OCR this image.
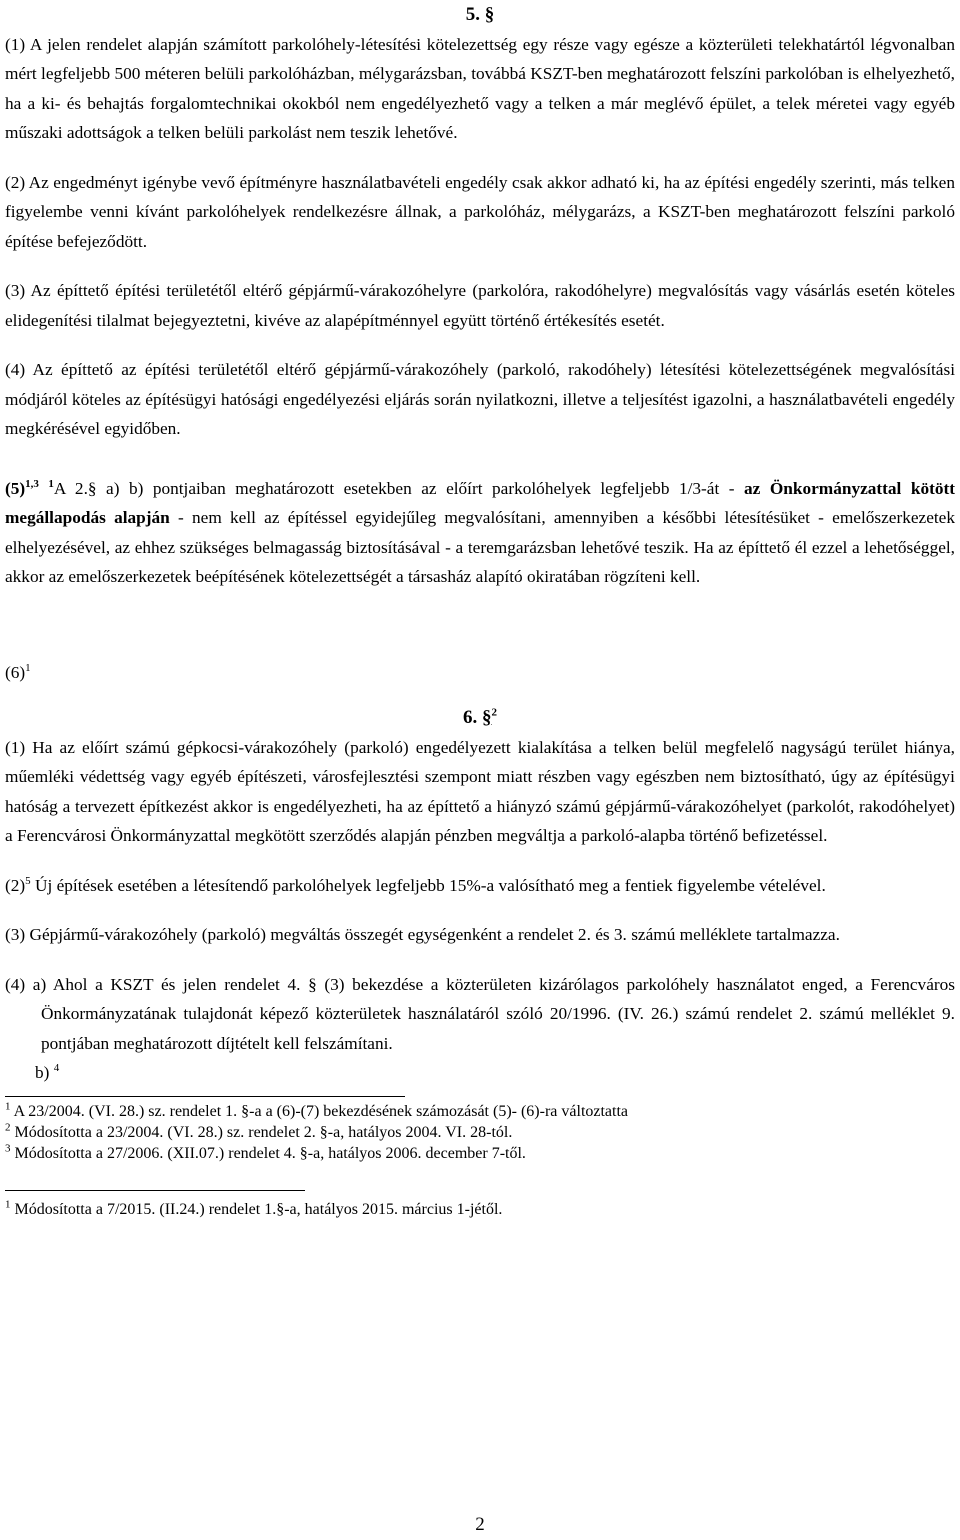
5. §

(1) A jelen rendelet alapján számított parkolóhely-létesítési kötelezettség egy része vagy egésze a közterületi telekhatártól légvonalban mért legfeljebb 500 méteren belüli parkolóházban, mélygarázsban, továbbá KSZT-ben meghatározott felszíni parkolóban is elhelyezhető, ha a ki- és behajtás forgalomtechnikai okokból nem engedélyezhető vagy a telken a már meglévő épület, a telek méretei vagy egyéb műszaki adottságok a telken belüli parkolást nem teszik lehetővé.

(2) Az engedményt igénybe vevő építményre használatbavételi engedély csak akkor adható ki, ha az építési engedély szerinti, más telken figyelembe venni kívánt parkolóhelyek rendelkezésre állnak, a parkolóház, mélygarázs, a KSZT-ben meghatározott felszíni parkoló építése befejeződött.

(3) Az építtető építési területétől eltérő gépjármű-várakozóhelyre (parkolóra, rakodóhelyre) megvalósítás vagy vásárlás esetén köteles elidegenítési tilalmat bejegyeztetni, kivéve az alapépítménnyel együtt történő értékesítés esetét.

(4) Az építtető az építési területétől eltérő gépjármű-várakozóhely (parkoló, rakodóhely) létesítési kötelezettségének megvalósítási módjáról köteles az építésügyi hatósági engedélyezési eljárás során nyilatkozni, illetve a teljesítést igazolni, a használatbavételi engedély megkérésével egyidőben.

$(5)^{1,3}$ $^1$A 2.§ a) b) pontjaiban meghatározott esetekben az előírt parkolóhelyek legfeljebb 1/3-át - az Önkormányzattal kötött megállapodás alapján - nem kell az építéssel egyidejűleg megvalósítani, amennyiben a későbbi létesítésüket - emelőszerkezetek elhelyezésével, az ehhez szükséges belmagasság biztosításával - a teremgarázsban lehetővé teszik. Ha az építtető él ezzel a lehetőséggel, akkor az emelőszerkezetek beépítésének kötelezettségét a társasház alapító okiratában rögzíteni kell.

$(6)^1$

6. §$^2$

(1) Ha az előírt számú gépkocsi-várakozóhely (parkoló) engedélyezett kialakítása a telken belül megfelelő nagyságú terület hiánya, műemléki védettség vagy egyéb építészeti, városfejlesztési szempont miatt részben vagy egészben nem biztosítható, úgy az építésügyi hatóság a tervezett építkezést akkor is engedélyezheti, ha az építtető a hiányzó számú gépjármű-várakozóhelyet (parkolót, rakodóhelyet) a Ferencvárosi Önkormányzattal megkötött szerződés alapján pénzben megváltja a parkoló-alapba történő befizetéssel.

$(2)^5$ Új építések esetében a létesítendő parkolóhelyek legfeljebb 15%-a valósítható meg a fentiek figyelembe vételével.

(3) Gépjármű-várakozóhely (parkoló) megváltás összegét egységenként a rendelet 2. és 3. számú melléklete tartalmazza.

(4) a) Ahol a KSZT és jelen rendelet 4. § (3) bekezdése a közterületen kizárólagos parkolóhely használatot enged, a Ferencváros Önkormányzatának tulajdonát képező közterületek használatáról szóló 20/1996. (IV. 26.) számú rendelet 2. számú melléklet 9. pontjában meghatározott díjtételt kell felszámítani.

b) $^4$

$^1$ A 23/2004. (VI. 28.) sz. rendelet 1. §-a a (6)-(7) bekezdésének számozását (5)- (6)-ra változtatta

$^2$ Módosította a 23/2004. (VI. 28.) sz. rendelet 2. §-a, hatályos 2004. VI. 28-tól.

$^3$ Módosította a 27/2006. (XII.07.) rendelet 4. §-a, hatályos 2006. december 7-től.

$^1$ Módosította a 7/2015. (II.24.) rendelet 1.§-a, hatályos 2015. március 1-jétől.

2
